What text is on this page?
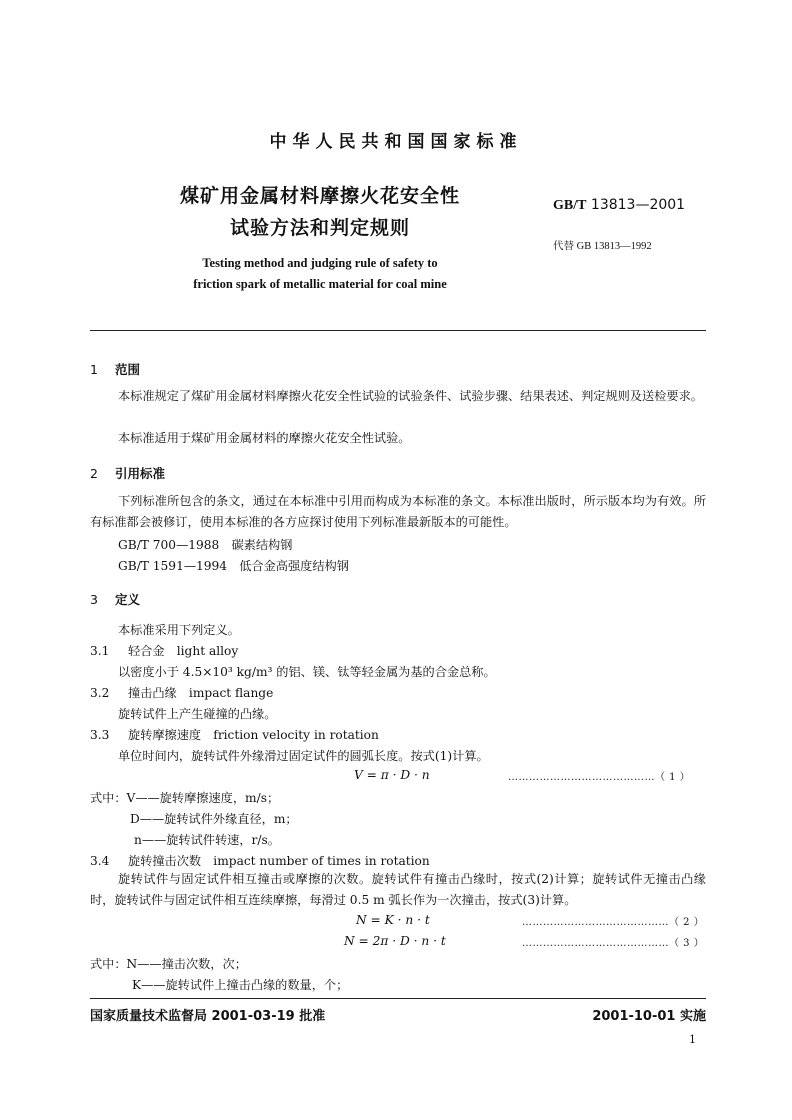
中华人民共和国国家标准
煤矿用金属材料摩擦火花安全性
试验方法和判定规则
Testing method and judging rule of safety to
friction spark of metallic material for coal mine
GB/T 13813—2001
代替 GB 13813—1992
1 范围
本标准规定了煤矿用金属材料摩擦火花安全性试验的试验条件、试验步骤、结果表述、判定规则及送检要求。
本标准适用于煤矿用金属材料的摩擦火花安全性试验。
2 引用标准
下列标准所包含的条文，通过在本标准中引用而构成为本标准的条文。本标准出版时，所示版本均为有效。所有标准都会被修订，使用本标准的各方应探讨使用下列标准最新版本的可能性。
GB/T 700—1988　碳素结构钢
GB/T 1591—1994　低合金高强度结构钢
3 定义
本标准采用下列定义。
3.1 轻合金　light alloy
以密度小于 4.5×10³ kg/m³ 的铝、镁、钛等轻金属为基的合金总称。
3.2 撞击凸缘　impact flange
旋转试件上产生碰撞的凸缘。
3.3 旋转摩擦速度　friction velocity in rotation
单位时间内，旋转试件外缘滑过固定试件的圆弧长度。按式(1)计算。
V = π · D · n	……………………………………（ 1 ）
式中：V——旋转摩擦速度，m/s；
D——旋转试件外缘直径，m；
n——旋转试件转速，r/s。
3.4 旋转撞击次数　impact number of times in rotation
旋转试件与固定试件相互撞击或摩擦的次数。旋转试件有撞击凸缘时，按式(2)计算；旋转试件无撞击凸缘时，旋转试件与固定试件相互连续摩擦，每滑过 0.5 m 弧长作为一次撞击，按式(3)计算。
N = K · n · t	……………………………………（ 2 ）
N = 2π · D · n · t	……………………………………（ 3 ）
式中：N——撞击次数，次；
K——旋转试件上撞击凸缘的数量，个；
国家质量技术监督局 2001-03-19 批准	2001-10-01 实施
1
